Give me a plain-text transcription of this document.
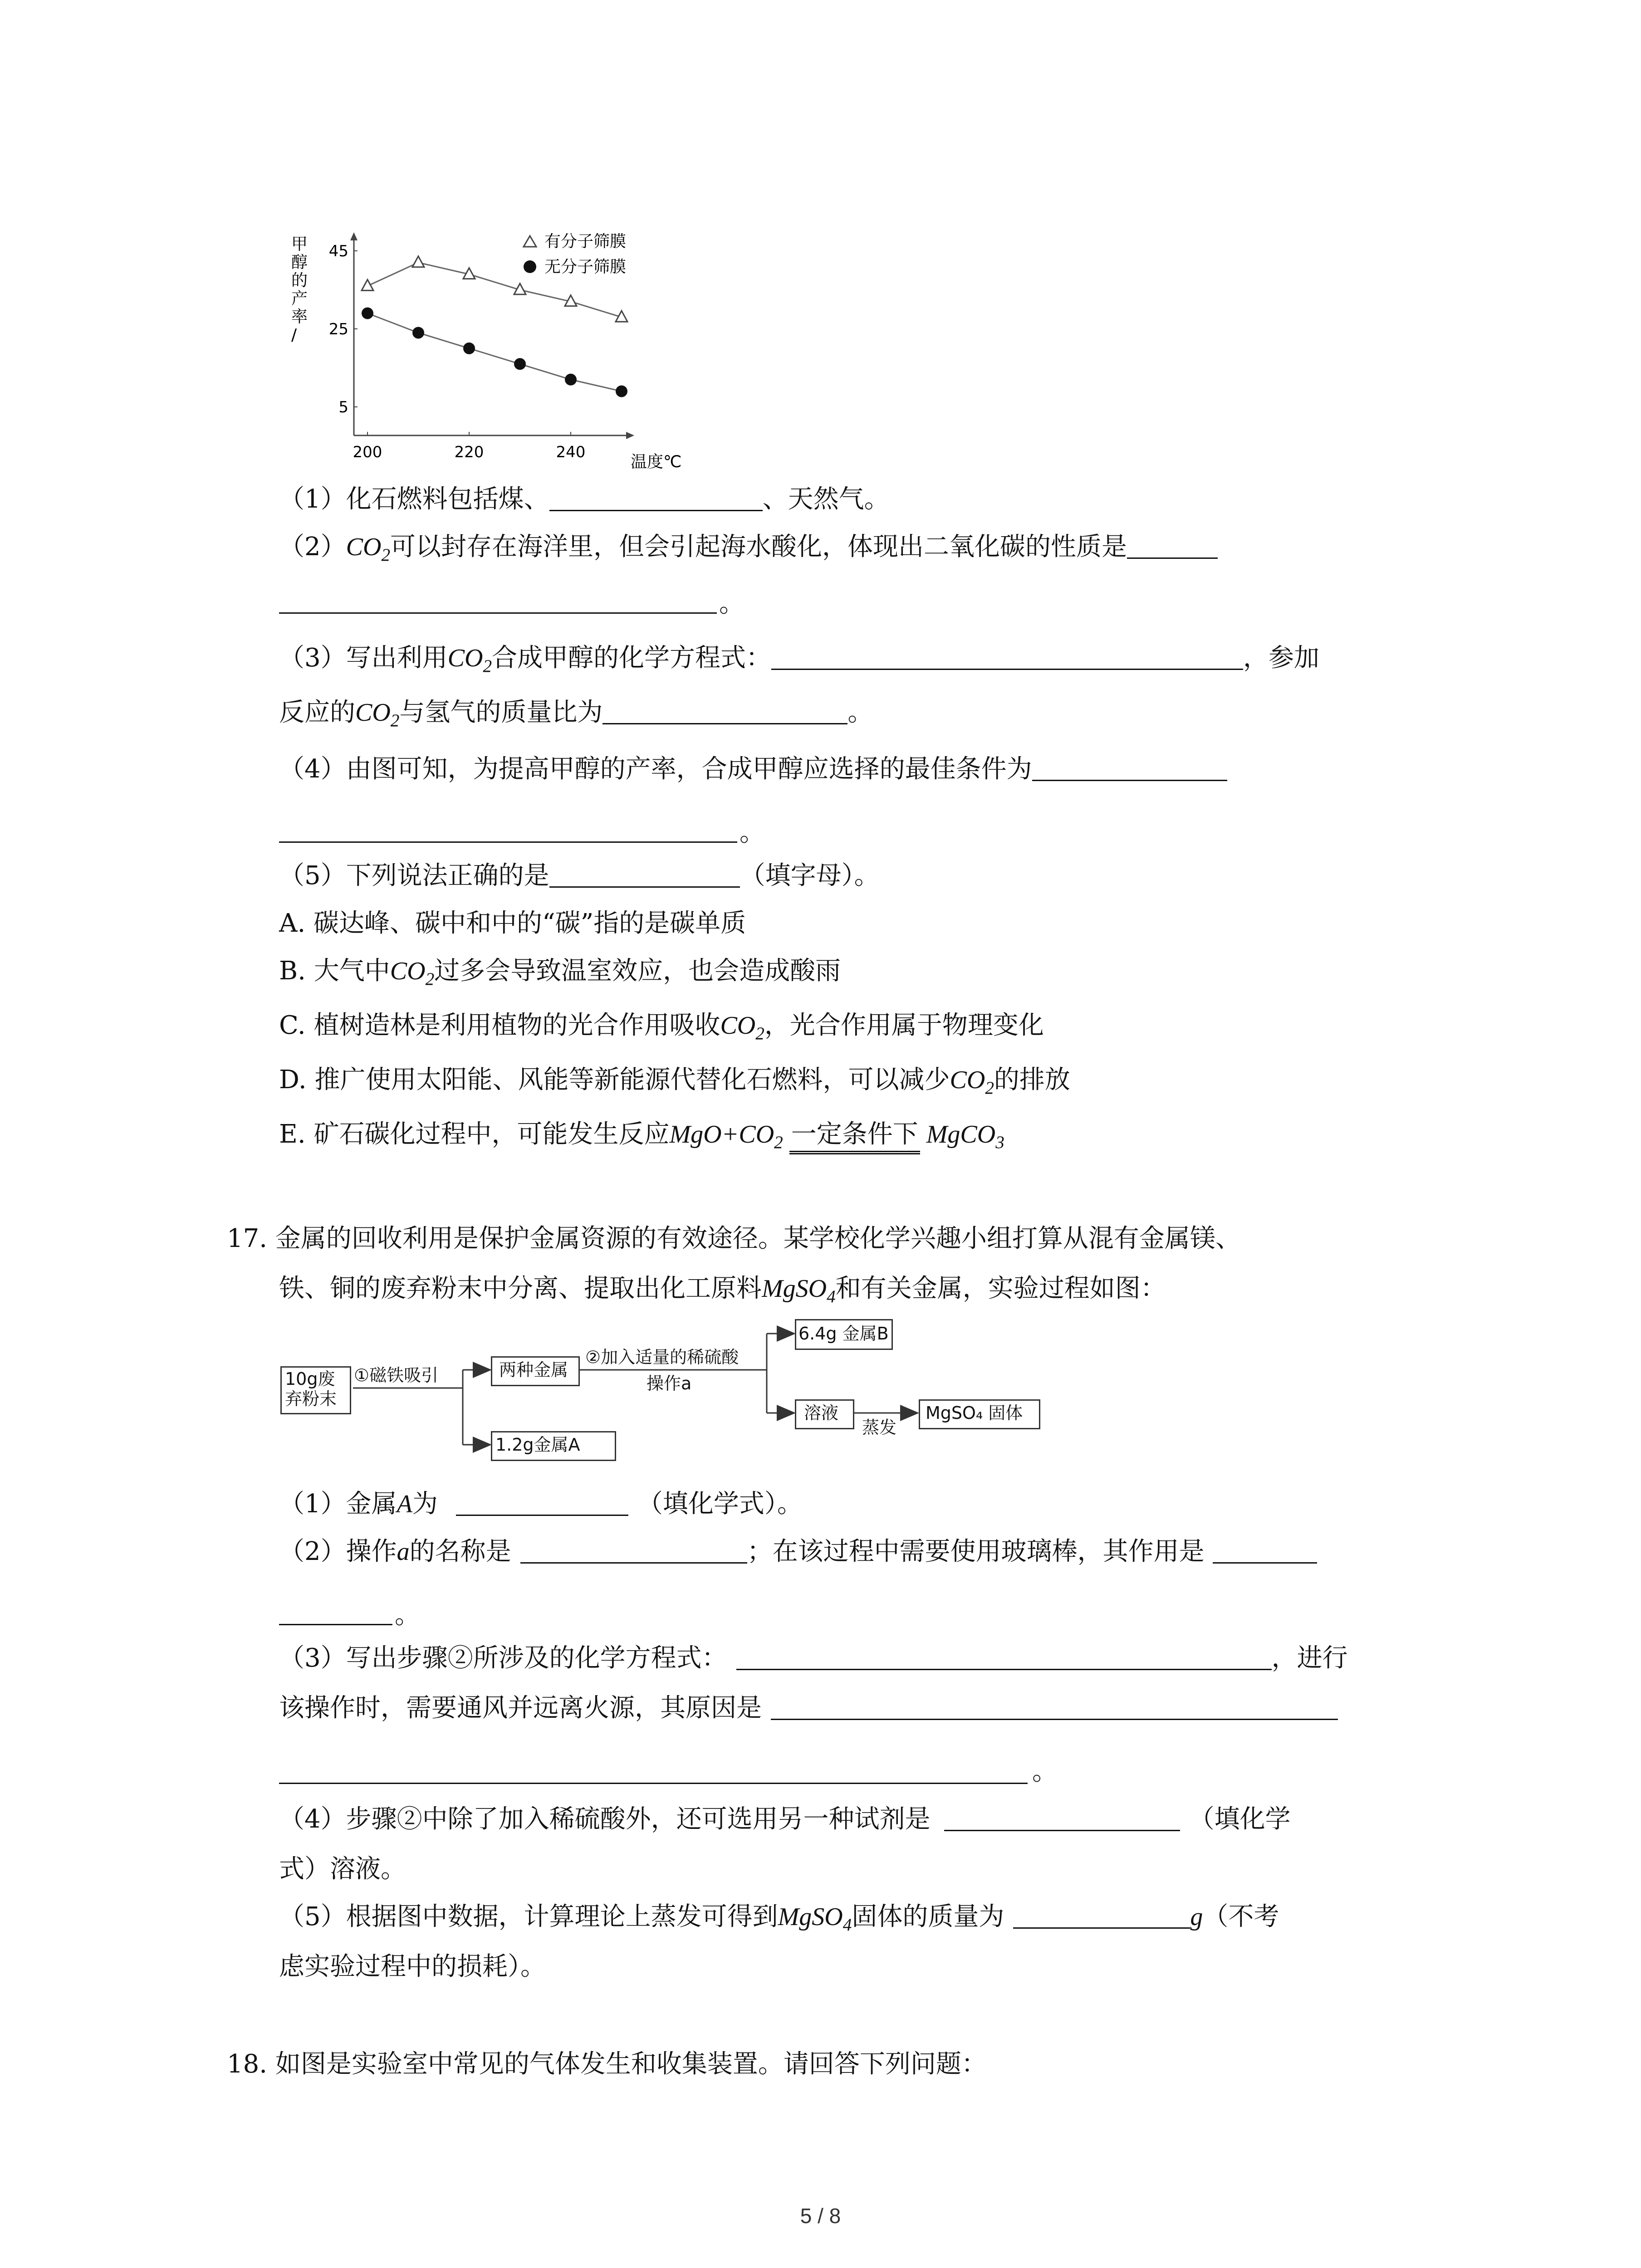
甲
醇
的
产
率
/
45
25
5
200	220	240
有分子筛膜
无分子筛膜
温度℃
（1）化石燃料包括煤、	、天然气。
$(2)CO_2$可以封存在海洋里，但会引起海水酸化，体现出二氧化碳的性质是
。
（3）写出利用$CO_2$合成甲醇的化学方程式：	，参加
反应的$CO_2$与氢气的质量比为	。
（4）由图可知，为提高甲醇的产率，合成甲醇应选择的最佳条件为
。
（5）下列说法正确的是	（填字母）。
A. 碳达峰、碳中和中的“碳”指的是碳单质
B. 大气中$CO_2$过多会导致温室效应，也会造成酸雨
C. 植树造林是利用植物的光合作用吸收$CO_2$，光合作用属于物理变化
D. 推广使用太阳能、风能等新能源代替化石燃料，可以减少$CO_2$的排放
E. 矿石碳化过程中，可能发生反应$MgO+CO_2$ 一定条件下 MgCO$_3$
17. 金属的回收利用是保护金属资源的有效途径。某学校化学兴趣小组打算从混有金属镁、
铁、铜的废弃粉末中分离、提取出化工原料MgSO$_4$和有关金属，实验过程如图：
10g废
弃粉末
①磁铁吸引	两种金属
②加入适量的稀硫酸
操作a
6.4g 金属B
溶液
蒸发
MgSO₄ 固体
1.2g金属A
（1）金属A为	（填化学式）。
（2）操作a的名称是	；在该过程中需要使用玻璃棒，其作用是
。
（3）写出步骤②所涉及的化学方程式：	，进行
该操作时，需要通风并远离火源，其原因是
。
（4）步骤②中除了加入稀硫酸外，还可选用另一种试剂是	（填化学
式）溶液。
（5）根据图中数据，计算理论上蒸发可得到MgSO$_4$固体的质量为	g（不考
虑实验过程中的损耗）。
18. 如图是实验室中常见的气体发生和收集装置。请回答下列问题：
5 / 8
